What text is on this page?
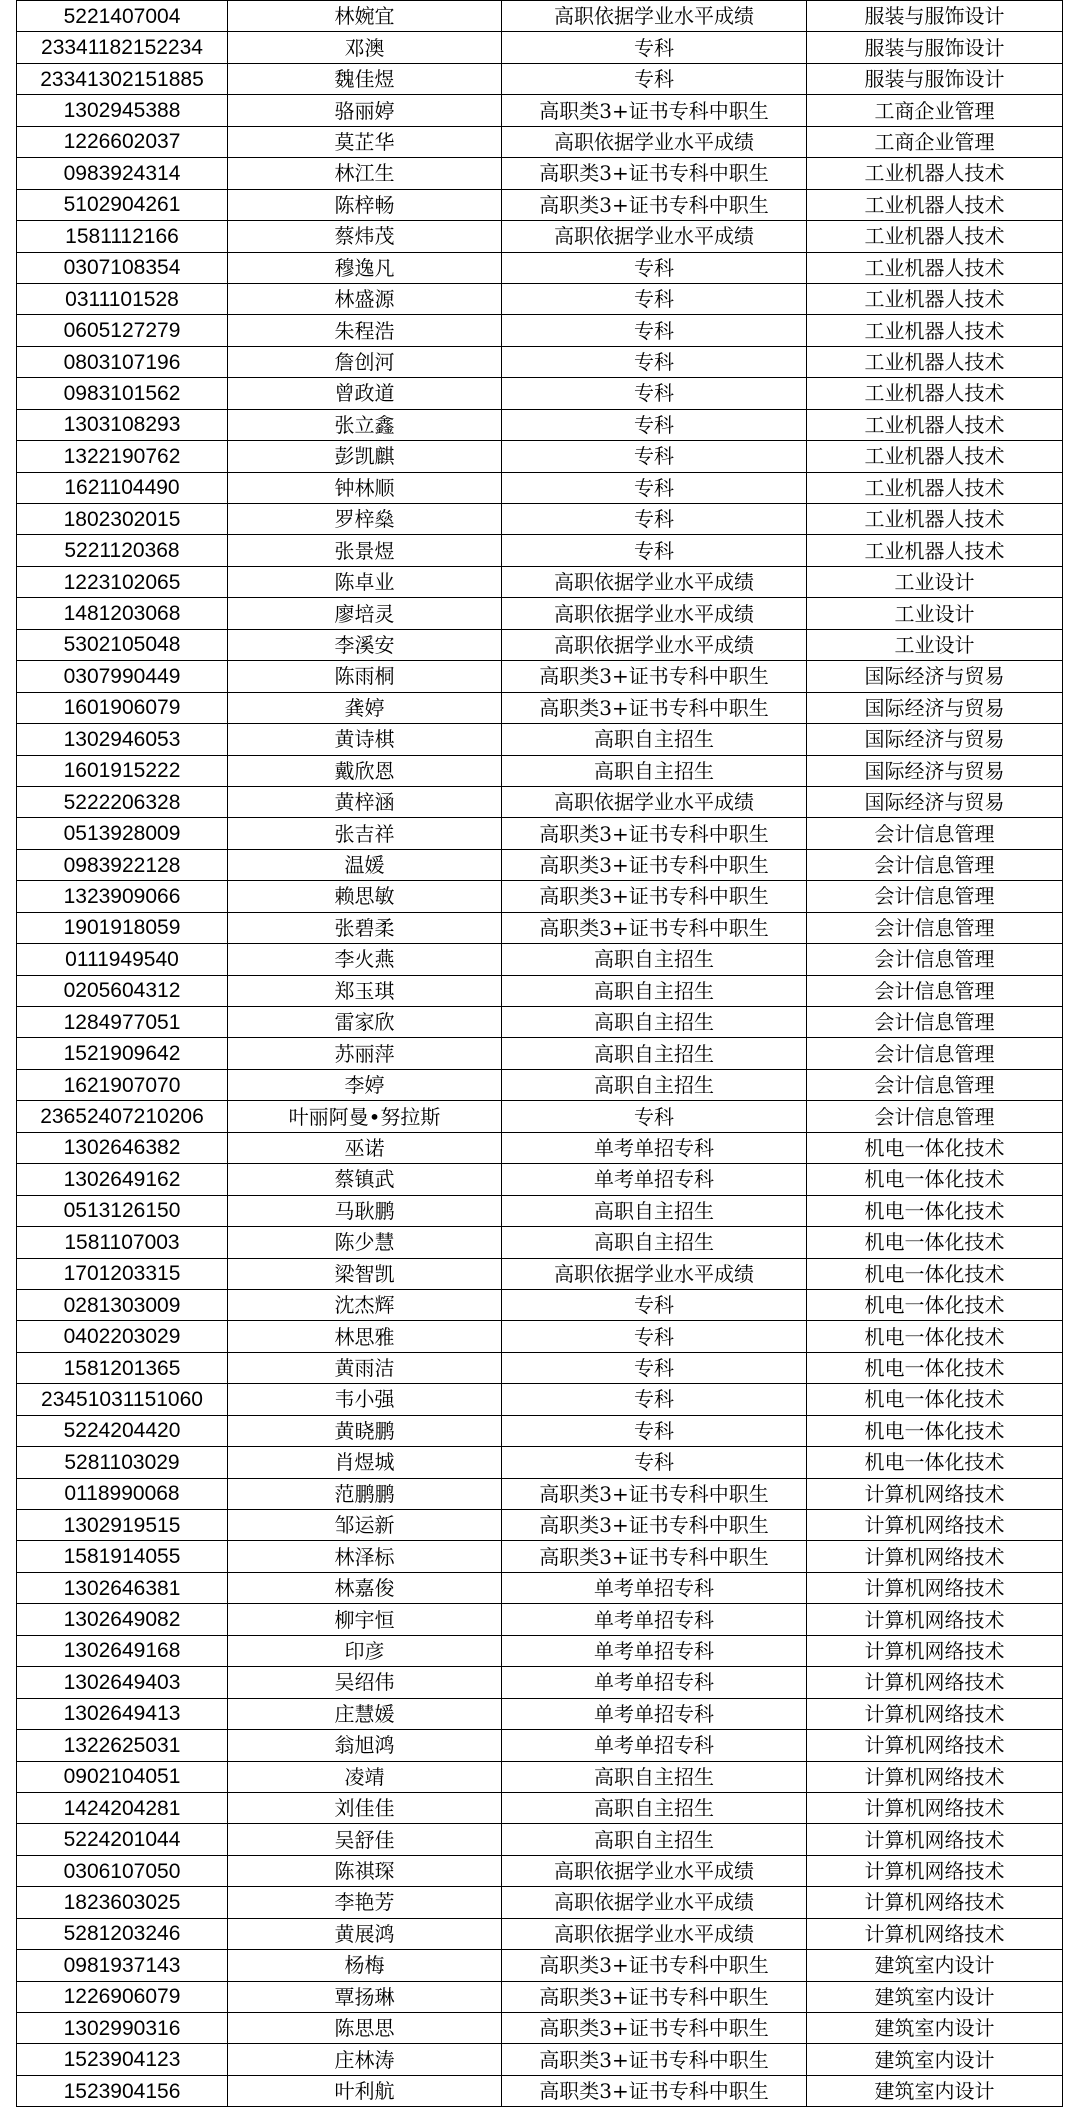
5221407004	林婉宜	高职依据学业水平成绩	服装与服饰设计
23341182152234	邓澳	专科	服装与服饰设计
23341302151885	魏佳煜	专科	服装与服饰设计
1302945388	骆丽婷	高职类3+证书专科中职生	工商企业管理
1226602037	莫芷华	高职依据学业水平成绩	工商企业管理
0983924314	林江生	高职类3+证书专科中职生	工业机器人技术
5102904261	陈梓畅	高职类3+证书专科中职生	工业机器人技术
1581112166	蔡炜茂	高职依据学业水平成绩	工业机器人技术
0307108354	穆逸凡	专科	工业机器人技术
0311101528	林盛源	专科	工业机器人技术
0605127279	朱程浩	专科	工业机器人技术
0803107196	詹创河	专科	工业机器人技术
0983101562	曾政道	专科	工业机器人技术
1303108293	张立鑫	专科	工业机器人技术
1322190762	彭凯麒	专科	工业机器人技术
1621104490	钟林顺	专科	工业机器人技术
1802302015	罗梓燊	专科	工业机器人技术
5221120368	张景煜	专科	工业机器人技术
1223102065	陈卓业	高职依据学业水平成绩	工业设计
1481203068	廖培灵	高职依据学业水平成绩	工业设计
5302105048	李溪安	高职依据学业水平成绩	工业设计
0307990449	陈雨桐	高职类3+证书专科中职生	国际经济与贸易
1601906079	龚婷	高职类3+证书专科中职生	国际经济与贸易
1302946053	黄诗棋	高职自主招生	国际经济与贸易
1601915222	戴欣恩	高职自主招生	国际经济与贸易
5222206328	黄梓涵	高职依据学业水平成绩	国际经济与贸易
0513928009	张吉祥	高职类3+证书专科中职生	会计信息管理
0983922128	温媛	高职类3+证书专科中职生	会计信息管理
1323909066	赖思敏	高职类3+证书专科中职生	会计信息管理
1901918059	张碧柔	高职类3+证书专科中职生	会计信息管理
0111949540	李火燕	高职自主招生	会计信息管理
0205604312	郑玉琪	高职自主招生	会计信息管理
1284977051	雷家欣	高职自主招生	会计信息管理
1521909642	苏丽萍	高职自主招生	会计信息管理
1621907070	李婷	高职自主招生	会计信息管理
23652407210206	叶丽阿曼•努拉斯	专科	会计信息管理
1302646382	巫诺	单考单招专科	机电一体化技术
1302649162	蔡镇武	单考单招专科	机电一体化技术
0513126150	马耿鹏	高职自主招生	机电一体化技术
1581107003	陈少慧	高职自主招生	机电一体化技术
1701203315	梁智凯	高职依据学业水平成绩	机电一体化技术
0281303009	沈杰辉	专科	机电一体化技术
0402203029	林思雅	专科	机电一体化技术
1581201365	黄雨洁	专科	机电一体化技术
23451031151060	韦小强	专科	机电一体化技术
5224204420	黄晓鹏	专科	机电一体化技术
5281103029	肖煜城	专科	机电一体化技术
0118990068	范鹏鹏	高职类3+证书专科中职生	计算机网络技术
1302919515	邹运新	高职类3+证书专科中职生	计算机网络技术
1581914055	林泽标	高职类3+证书专科中职生	计算机网络技术
1302646381	林嘉俊	单考单招专科	计算机网络技术
1302649082	柳宇恒	单考单招专科	计算机网络技术
1302649168	印彦	单考单招专科	计算机网络技术
1302649403	吴绍伟	单考单招专科	计算机网络技术
1302649413	庄慧媛	单考单招专科	计算机网络技术
1322625031	翁旭鸿	单考单招专科	计算机网络技术
0902104051	凌靖	高职自主招生	计算机网络技术
1424204281	刘佳佳	高职自主招生	计算机网络技术
5224201044	吴舒佳	高职自主招生	计算机网络技术
0306107050	陈祺琛	高职依据学业水平成绩	计算机网络技术
1823603025	李艳芳	高职依据学业水平成绩	计算机网络技术
5281203246	黄展鸿	高职依据学业水平成绩	计算机网络技术
0981937143	杨梅	高职类3+证书专科中职生	建筑室内设计
1226906079	覃扬琳	高职类3+证书专科中职生	建筑室内设计
1302990316	陈思思	高职类3+证书专科中职生	建筑室内设计
1523904123	庄林涛	高职类3+证书专科中职生	建筑室内设计
1523904156	叶利航	高职类3+证书专科中职生	建筑室内设计
